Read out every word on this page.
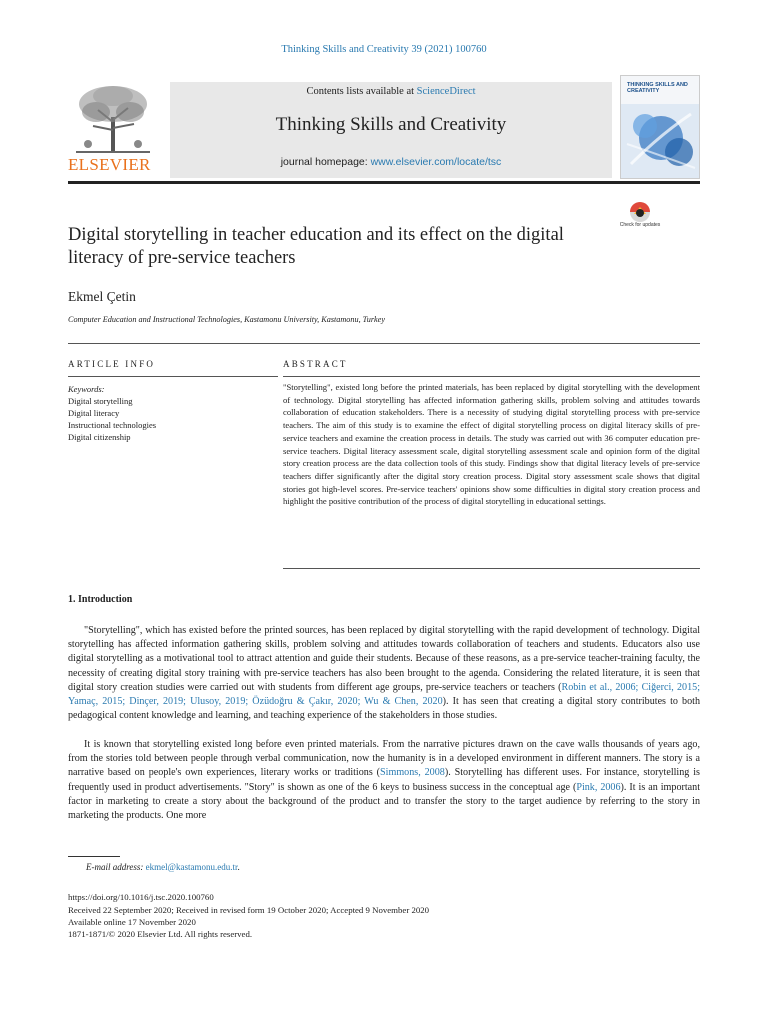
Thinking Skills and Creativity 39 (2021) 100760
ELSEVIER
Contents lists available at ScienceDirect
Thinking Skills and Creativity
journal homepage: www.elsevier.com/locate/tsc
THINKING SKILLS AND CREATIVITY
Digital storytelling in teacher education and its effect on the digital literacy of pre-service teachers
Check for updates
Ekmel Çetin
Computer Education and Instructional Technologies, Kastamonu University, Kastamonu, Turkey
ARTICLE INFO	ABSTRACT
Keywords:
Digital storytelling
Digital literacy
Instructional technologies
Digital citizenship
"Storytelling", existed long before the printed materials, has been replaced by digital storytelling with the development of technology. Digital storytelling has affected information gathering skills, problem solving and attitudes towards collaboration of education stakeholders. There is a necessity of studying digital storytelling process with pre-service teachers. The aim of this study is to examine the effect of digital storytelling process on digital literacy skills of pre-service teachers and examine the creation process in details. The study was carried out with 36 computer education pre-service teachers. Digital literacy assessment scale, digital storytelling assessment scale and opinion form of the digital story creation process are the data collection tools of this study. Findings show that digital literacy levels of pre-service teachers differ significantly after the digital story creation process. Digital story assessment scale shows that digital stories got high-level scores. Pre-service teachers' opinions show some difficulties in digital story creation process and highlight the positive contribution of the process of digital storytelling in educational settings.
1. Introduction
"Storytelling", which has existed before the printed sources, has been replaced by digital storytelling with the rapid development of technology. Digital storytelling has affected information gathering skills, problem solving and attitudes towards collaboration of teachers and students. Educators also use digital storytelling as a motivational tool to attract attention and guide their students. Because of these reasons, as a pre-service teacher-training faculty, the necessity of creating digital story training with pre-service teachers has also been brought to the agenda. Considering the related literature, it is seen that digital story creation studies were carried out with students from different age groups, pre-service teachers or teachers (Robin et al., 2006; Ciğerci, 2015; Yamaç, 2015; Dinçer, 2019; Ulusoy, 2019; Özüdoğru & Çakır, 2020; Wu & Chen, 2020). It has seen that creating a digital story contributes to both pedagogical content knowledge and learning, and teaching experience of the stakeholders in those studies.
It is known that storytelling existed long before even printed materials. From the narrative pictures drawn on the cave walls thousands of years ago, from the stories told between people through verbal communication, now the humanity is in a developed environment in different manners. The story is a narrative based on people's own experiences, literary works or traditions (Simmons, 2008). Storytelling has different uses. For instance, storytelling is frequently used in product advertisements. "Story" is shown as one of the 6 keys to business success in the conceptual age (Pink, 2006). It is an important factor in marketing to create a story about the background of the product and to transfer the story to the target audience by referring to the story in marketing the products. One more
E-mail address: ekmel@kastamonu.edu.tr.
https://doi.org/10.1016/j.tsc.2020.100760
Received 22 September 2020; Received in revised form 19 October 2020; Accepted 9 November 2020
Available online 17 November 2020
1871-1871/© 2020 Elsevier Ltd. All rights reserved.
